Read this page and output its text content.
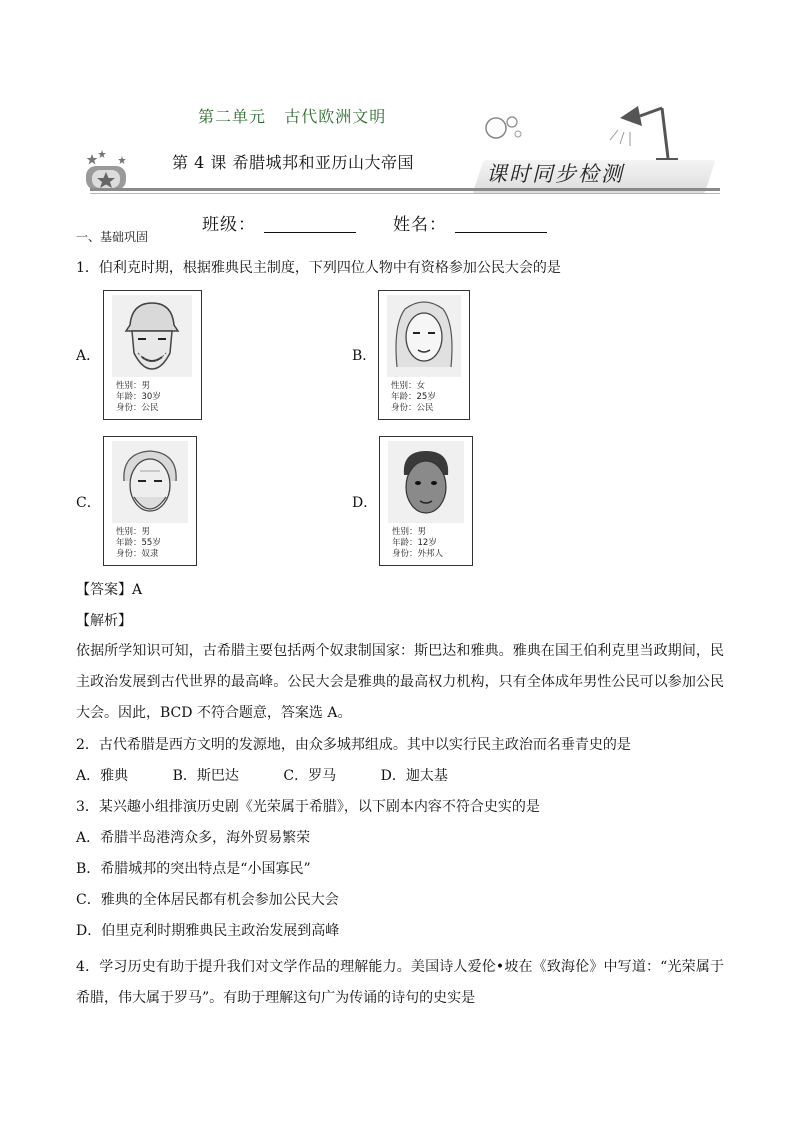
第二单元   古代欧洲文明
第 4 课 希腊城邦和亚历山大帝国	课时同步检测
班级：	姓名：
一、基础巩固
1．伯利克时期，根据雅典民主制度，下列四位人物中有资格参加公民大会的是
A．
性别：男
年龄：30岁
身份：公民
B．
性别：女
年龄：25岁
身份：公民
C．
性别：男
年龄：55岁
身份：奴隶
D．
性别：男
年龄：12岁
身份：外邦人
【答案】A
【解析】
依据所学知识可知，古希腊主要包括两个奴隶制国家：斯巴达和雅典。雅典在国王伯利克里当政期间，民主政治发展到古代世界的最高峰。公民大会是雅典的最高权力机构，只有全体成年男性公民可以参加公民大会。因此，BCD 不符合题意，答案选 A。
2．古代希腊是西方文明的发源地，由众多城邦组成。其中以实行民主政治而名垂青史的是
A．雅典          B．斯巴达          C．罗马          D．迦太基
3．某兴趣小组排演历史剧《光荣属于希腊》，以下剧本内容不符合史实的是
A．希腊半岛港湾众多，海外贸易繁荣
B．希腊城邦的突出特点是“小国寡民”
C．雅典的全体居民都有机会参加公民大会
D．伯里克利时期雅典民主政治发展到高峰
4．学习历史有助于提升我们对文学作品的理解能力。美国诗人爱伦•坡在《致海伦》中写道：“光荣属于希腊，伟大属于罗马”。有助于理解这句广为传诵的诗句的史实是
